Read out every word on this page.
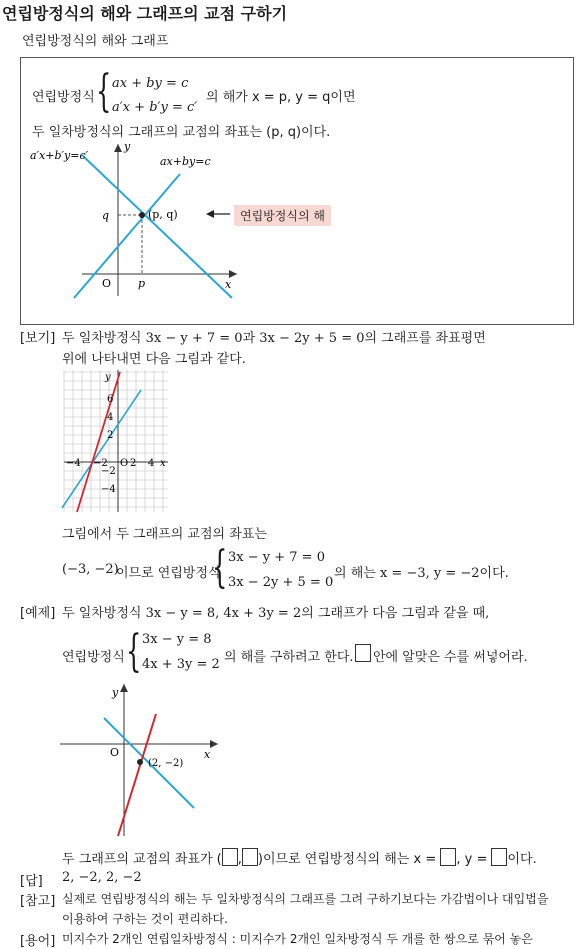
연립방정식의 해와 그래프의 교점 구하기
연립방정식의 해와 그래프
연립방정식 { ax + by = c
a′x + b′y = c′
의 해가 x = p, y = q이면
두 일차방정식의 그래프의 교점의 좌표는 (p, q)이다.
a′x+b′y=c′	ax+by=c
y
x
O
q
p
(p, q)	연립방정식의 해
[보기] 두 일차방정식 3x − y + 7 = 0과 3x − 2y + 5 = 0의 그래프를 좌표평면
위에 나타내면 다음 그림과 같다.
y
x
O
6
4
2
−2
−4
−4 −2 2 4
그림에서 두 그래프의 교점의 좌표는
(−3, −2)
이므로 연립방정식
{ 3x − y + 7 = 0
3x − 2y + 5 = 0
의 해는 x = −3, y = −2이다.
[예제] 두 일차방정식 3x − y = 8, 4x + 3y = 2의 그래프가 다음 그림과 같을 때,
연립방정식 { 3x − y = 8
4x + 3y = 2 의 해를 구하려고 한다. 안에 알맞은 수를 써넣어라.
y
x
O
(2, −2)
두 그래프의 교점의 좌표가 ( , )이므로 연립방정식의 해는 x = , y = 이다.
[답] 2, −2, 2, −2
[참고] 실제로 연립방정식의 해는 두 일차방정식의 그래프를 그려 구하기보다는 가감법이나 대입법을
이용하여 구하는 것이 편리하다.
[용어] 미지수가 2개인 연립일차방정식 : 미지수가 2개인 일차방정식 두 개를 한 쌍으로 묶어 놓은
